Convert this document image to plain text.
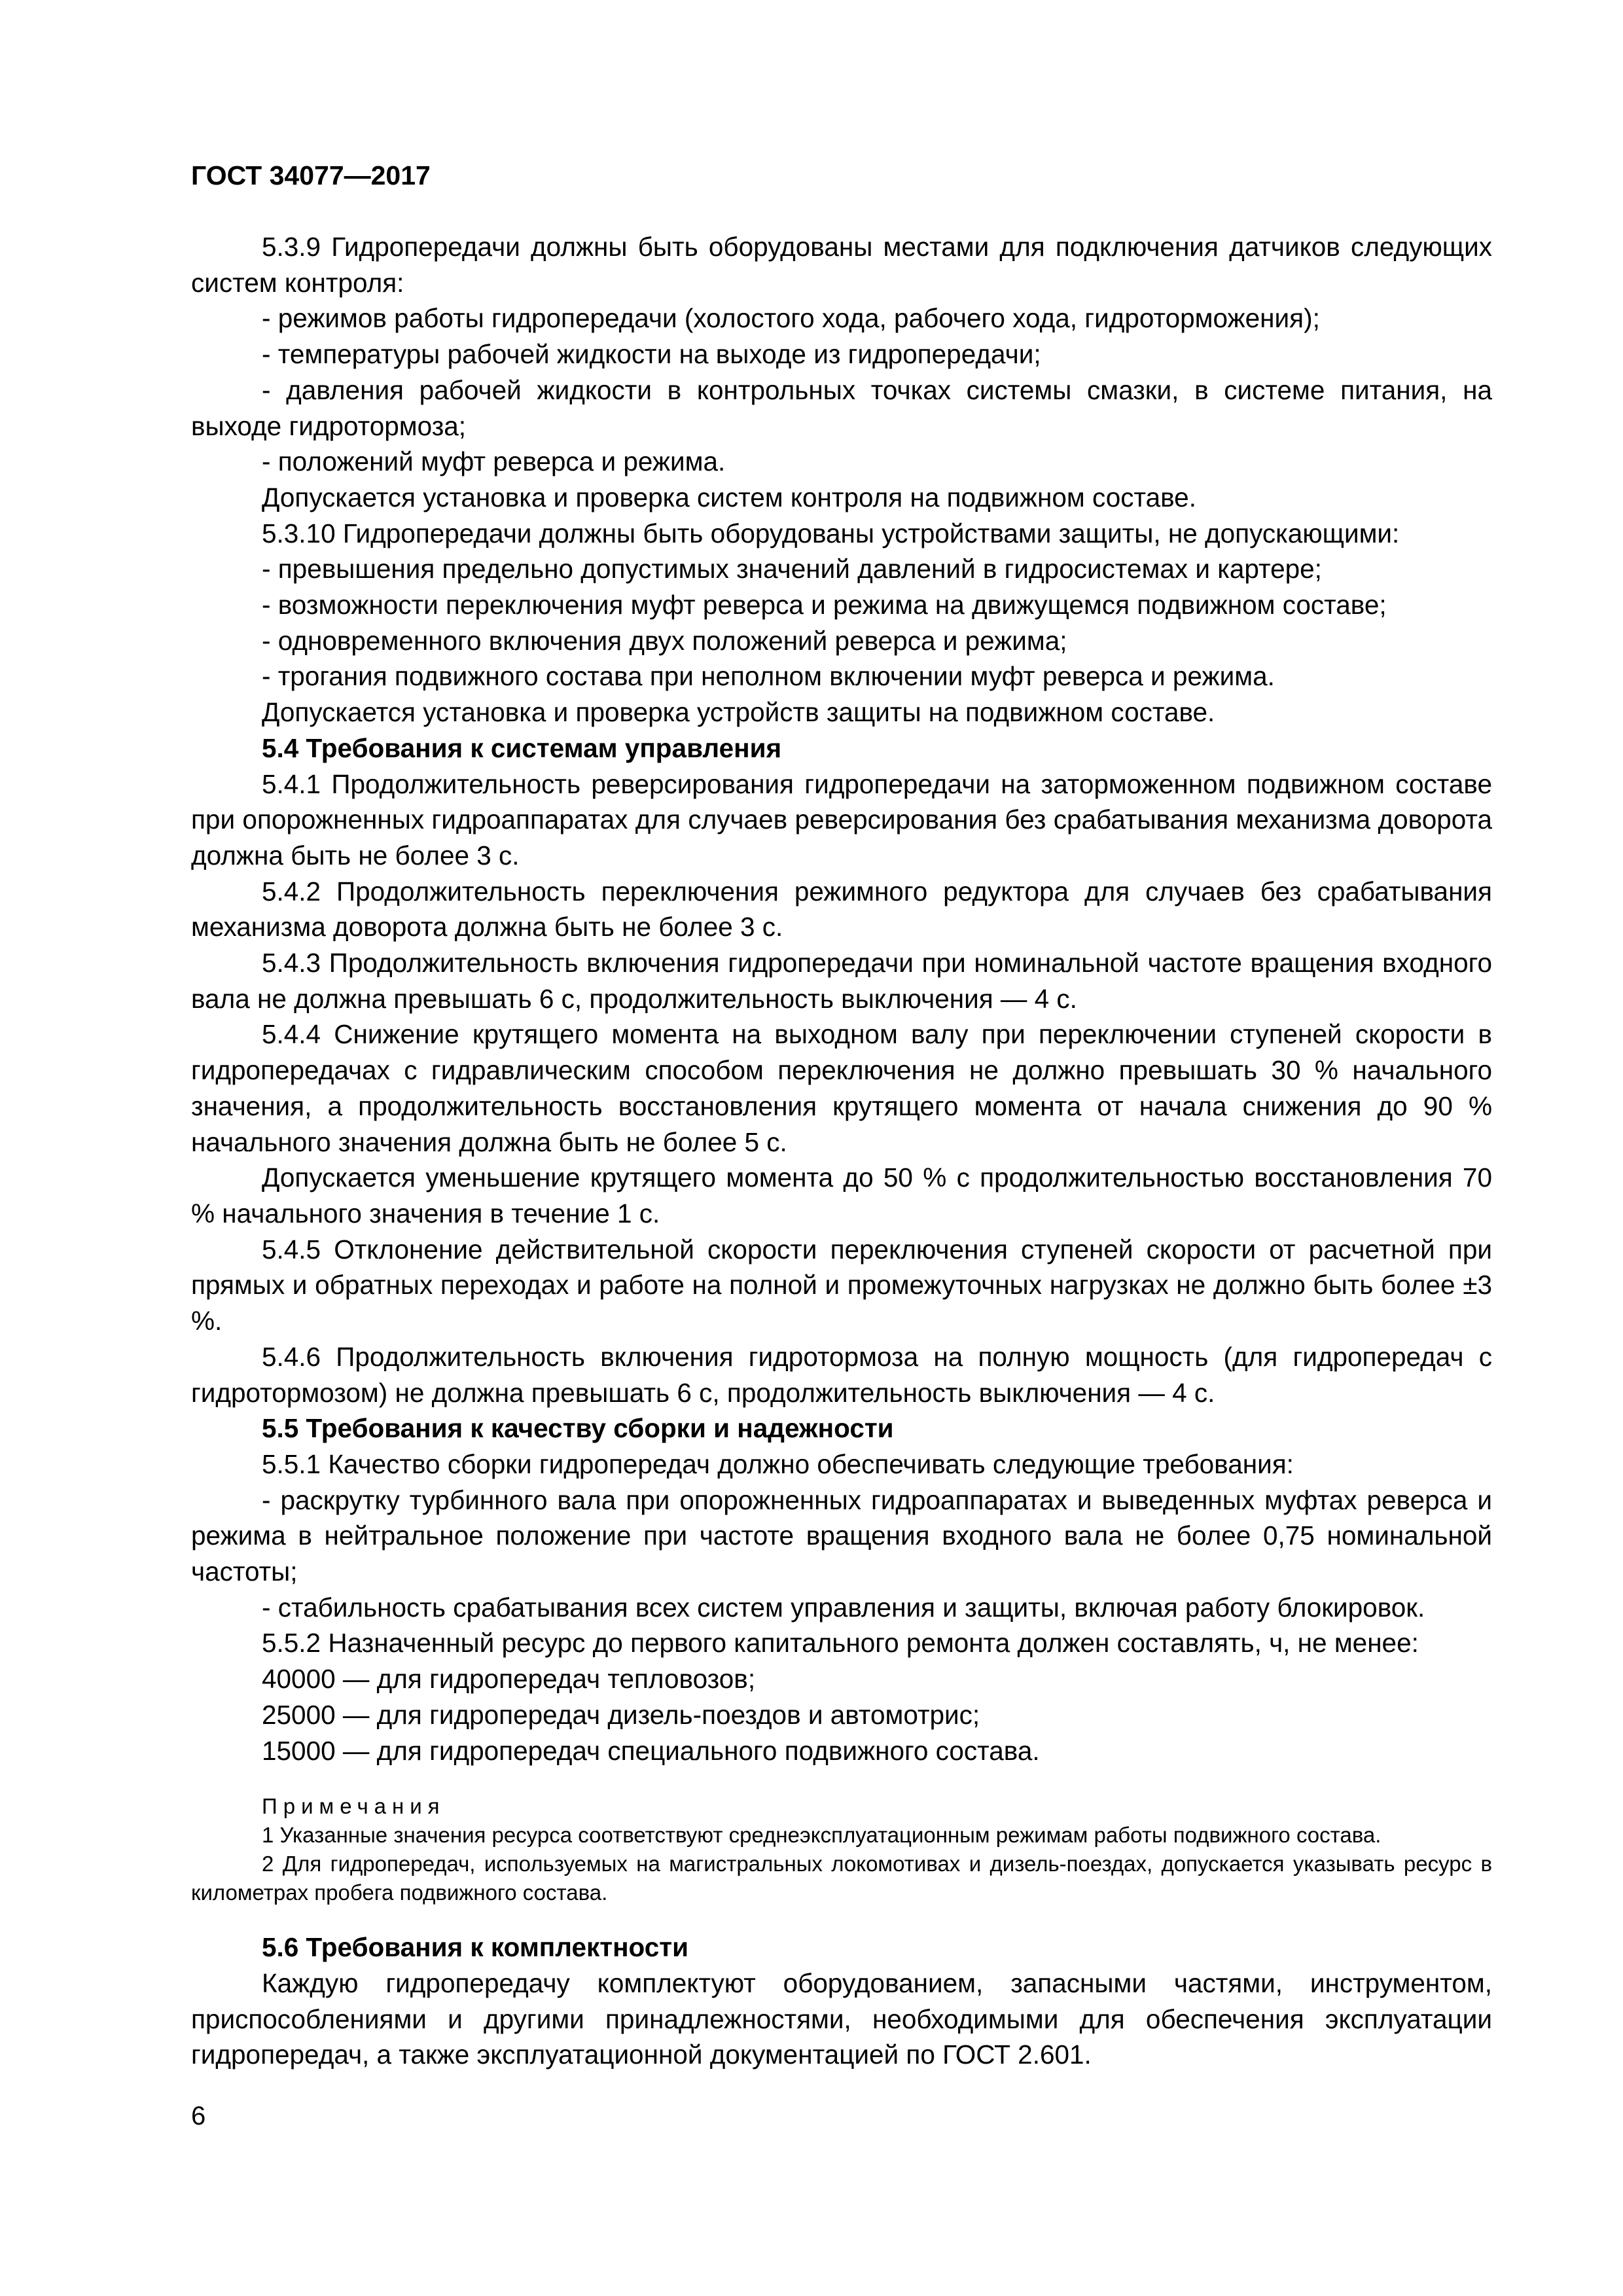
ГОСТ 34077—2017

5.3.9 Гидропередачи должны быть оборудованы местами для подключения датчиков следующих систем контроля:

- режимов работы гидропередачи (холостого хода, рабочего хода, гидроторможения);

- температуры рабочей жидкости на выходе из гидропередачи;

- давления рабочей жидкости в контрольных точках системы смазки, в системе питания, на выходе гидротормоза;

- положений муфт реверса и режима.

Допускается установка и проверка систем контроля на подвижном составе.

5.3.10 Гидропередачи должны быть оборудованы устройствами защиты, не допускающими:

- превышения предельно допустимых значений давлений в гидросистемах и картере;

- возможности переключения муфт реверса и режима на движущемся подвижном составе;

- одновременного включения двух положений реверса и режима;

- трогания подвижного состава при неполном включении муфт реверса и режима.

Допускается установка и проверка устройств защиты на подвижном составе.

5.4 Требования к системам управления

5.4.1 Продолжительность реверсирования гидропередачи на заторможенном подвижном составе при опорожненных гидроаппаратах для случаев реверсирования без срабатывания механизма доворота должна быть не более 3 с.

5.4.2 Продолжительность переключения режимного редуктора для случаев без срабатывания механизма доворота должна быть не более 3 с.

5.4.3 Продолжительность включения гидропередачи при номинальной частоте вращения входного вала не должна превышать 6 с, продолжительность выключения — 4 с.

5.4.4 Снижение крутящего момента на выходном валу при переключении ступеней скорости в гидропередачах с гидравлическим способом переключения не должно превышать 30 % начального значения, а продолжительность восстановления крутящего момента от начала снижения до 90 % начального значения должна быть не более 5 с.

Допускается уменьшение крутящего момента до 50 % с продолжительностью восстановления 70 % начального значения в течение 1 с.

5.4.5 Отклонение действительной скорости переключения ступеней скорости от расчетной при прямых и обратных переходах и работе на полной и промежуточных нагрузках не должно быть более ±3 %.

5.4.6 Продолжительность включения гидротормоза на полную мощность (для гидропередач с гидротормозом) не должна превышать 6 с, продолжительность выключения — 4 с.

5.5 Требования к качеству сборки и надежности

5.5.1 Качество сборки гидропередач должно обеспечивать следующие требования:

- раскрутку турбинного вала при опорожненных гидроаппаратах и выведенных муфтах реверса и режима в нейтральное положение при частоте вращения входного вала не более 0,75 номинальной частоты;

- стабильность срабатывания всех систем управления и защиты, включая работу блокировок.

5.5.2 Назначенный ресурс до первого капитального ремонта должен составлять, ч, не менее:

40000 — для гидропередач тепловозов;

25000 — для гидропередач дизель-поездов и автомотрис;

15000 — для гидропередач специального подвижного состава.

Примечания

1 Указанные значения ресурса соответствуют среднеэксплуатационным режимам работы подвижного состава.

2 Для гидропередач, используемых на магистральных локомотивах и дизель-поездах, допускается указывать ресурс в километрах пробега подвижного состава.

5.6 Требования к комплектности

Каждую гидропередачу комплектуют оборудованием, запасными частями, инструментом, приспособлениями и другими принадлежностями, необходимыми для обеспечения эксплуатации гидропередач, а также эксплуатационной документацией по ГОСТ 2.601.

6
